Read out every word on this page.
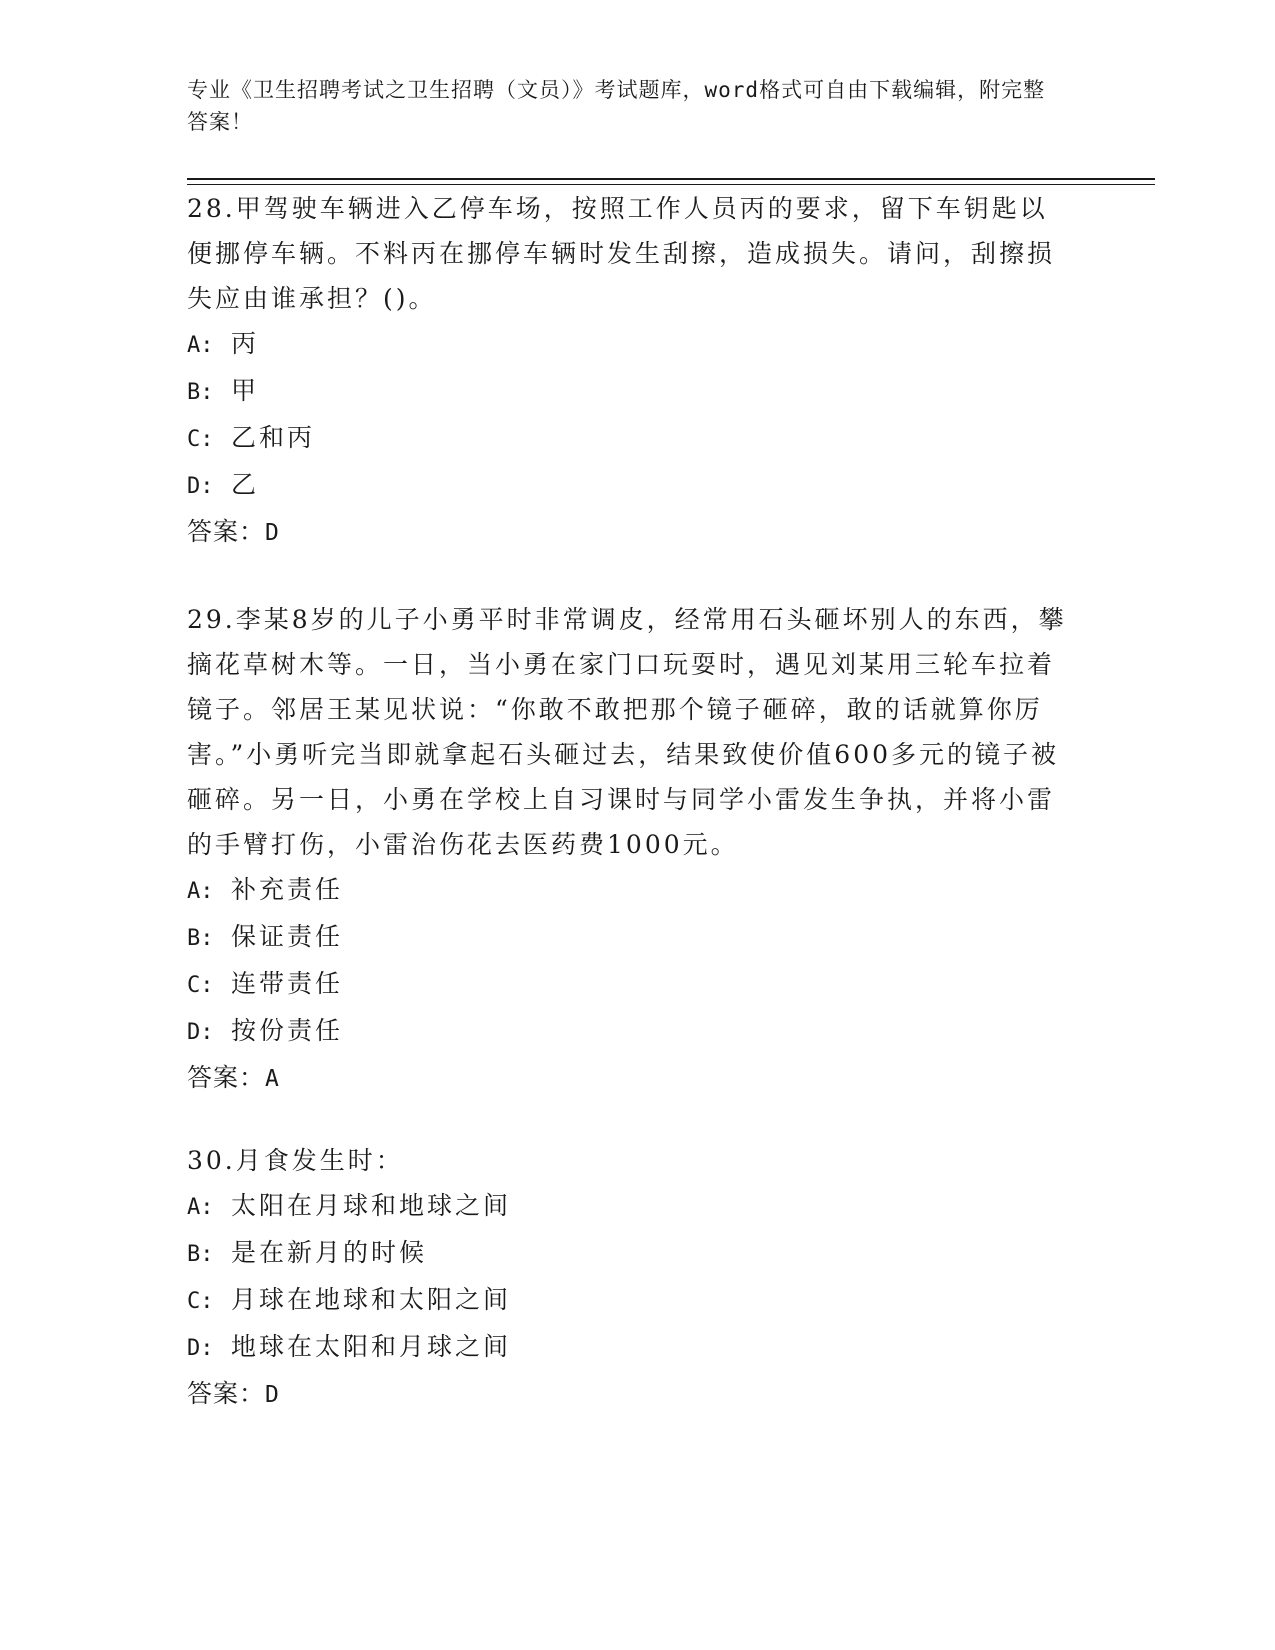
专业《卫生招聘考试之卫生招聘（文员）》考试题库，word格式可自由下载编辑，附完整答案！

28.甲驾驶车辆进入乙停车场，按照工作人员丙的要求，留下车钥匙以便挪停车辆。不料丙在挪停车辆时发生刮擦，造成损失。请问，刮擦损失应由谁承担？()。

A: 丙

B: 甲

C: 乙和丙

D: 乙

答案：D

29.李某8岁的儿子小勇平时非常调皮，经常用石头砸坏别人的东西，攀摘花草树木等。一日，当小勇在家门口玩耍时，遇见刘某用三轮车拉着镜子。邻居王某见状说：“你敢不敢把那个镜子砸碎，敢的话就算你厉害。”小勇听完当即就拿起石头砸过去，结果致使价值600多元的镜子被砸碎。另一日，小勇在学校上自习课时与同学小雷发生争执，并将小雷的手臂打伤，小雷治伤花去医药费1000元。

A: 补充责任

B: 保证责任

C: 连带责任

D: 按份责任

答案：A

30.月食发生时：

A: 太阳在月球和地球之间

B: 是在新月的时候

C: 月球在地球和太阳之间

D: 地球在太阳和月球之间

答案：D
